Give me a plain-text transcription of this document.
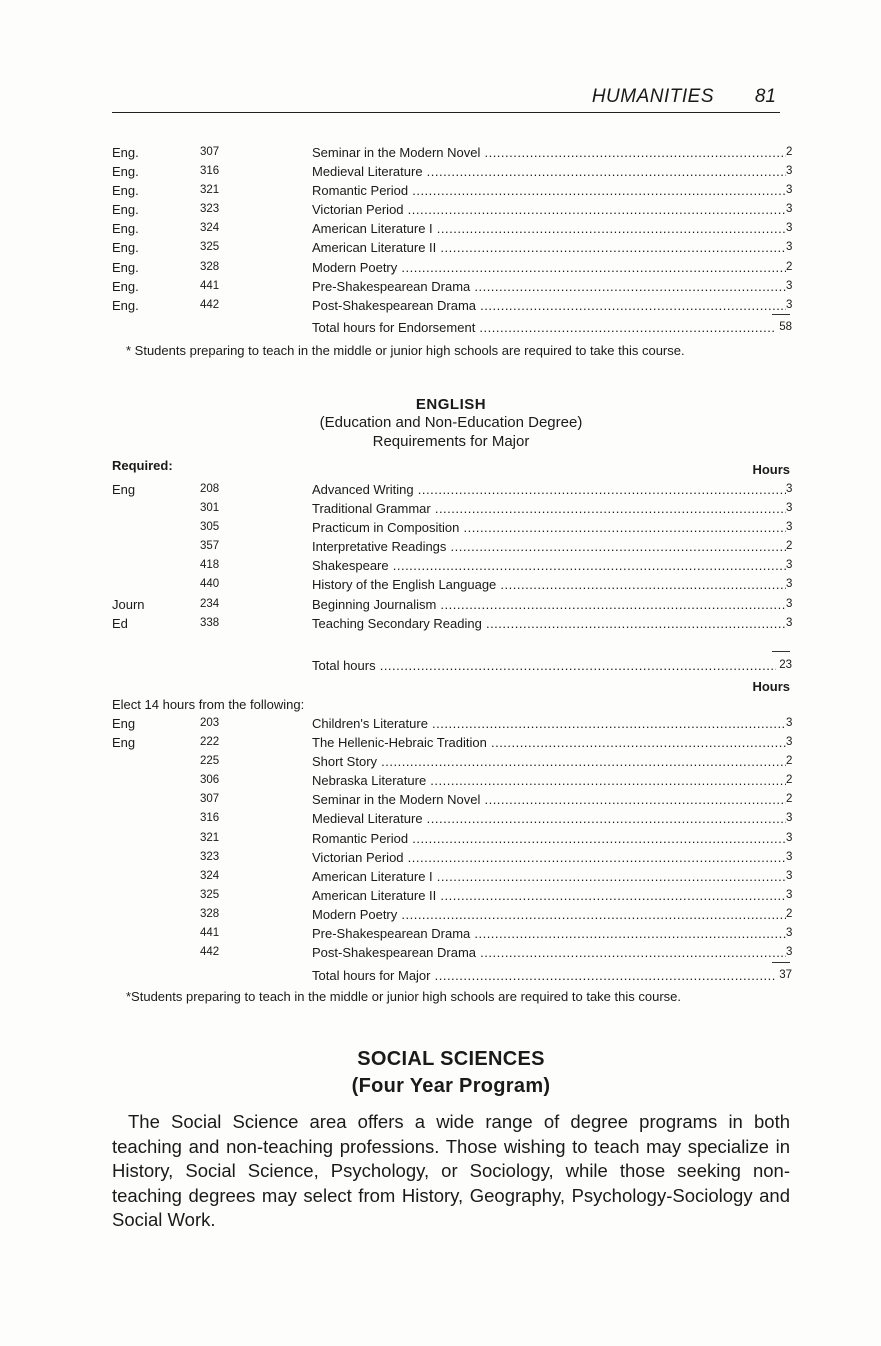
HUMANITIES 81
Eng.	307	Seminar in the Modern Novel .....	2
Eng.	316	Medieval Literature .....	3
Eng.	321	Romantic Period .....	3
Eng.	323	Victorian Period .....	3
Eng.	324	American Literature I .....	3
Eng.	325	American Literature II .....	3
Eng.	328	Modern Poetry .....	2
Eng.	441	Pre-Shakespearean Drama .....	3
Eng.	442	Post-Shakespearean Drama .....	3
Total hours for Endorsement .....	58
* Students preparing to teach in the middle or junior high schools are required to take this course.
ENGLISH
(Education and Non-Education Degree)
Requirements for Major
Required:	Hours
Eng	208	Advanced Writing .....	3
301	Traditional Grammar .....	3
305	Practicum in Composition .....	3
357	Interpretative Readings .....	2
418	Shakespeare .....	3
440	History of the English Language .....	3
Journ	234	Beginning Journalism .....	3
Ed	338	Teaching Secondary Reading .....	3
Total hours .....	23
Hours
Elect 14 hours from the following:
Eng	203	Children's Literature .....	3
Eng	222	The Hellenic-Hebraic Tradition .....	3
225	Short Story .....	2
306	Nebraska Literature .....	2
307	Seminar in the Modern Novel .....	2
316	Medieval Literature .....	3
321	Romantic Period .....	3
323	Victorian Period .....	3
324	American Literature I .....	3
325	American Literature II .....	3
328	Modern Poetry .....	2
441	Pre-Shakespearean Drama .....	3
442	Post-Shakespearean Drama .....	3
Total hours for Major .....	37
*Students preparing to teach in the middle or junior high schools are required to take this course.
SOCIAL SCIENCES
(Four Year Program)
The Social Science area offers a wide range of degree programs in both teaching and non-teaching professions. Those wishing to teach may specialize in History, Social Science, Psychology, or Sociology, while those seeking non-teaching degrees may select from History, Geography, Psychology-Sociology and Social Work.
